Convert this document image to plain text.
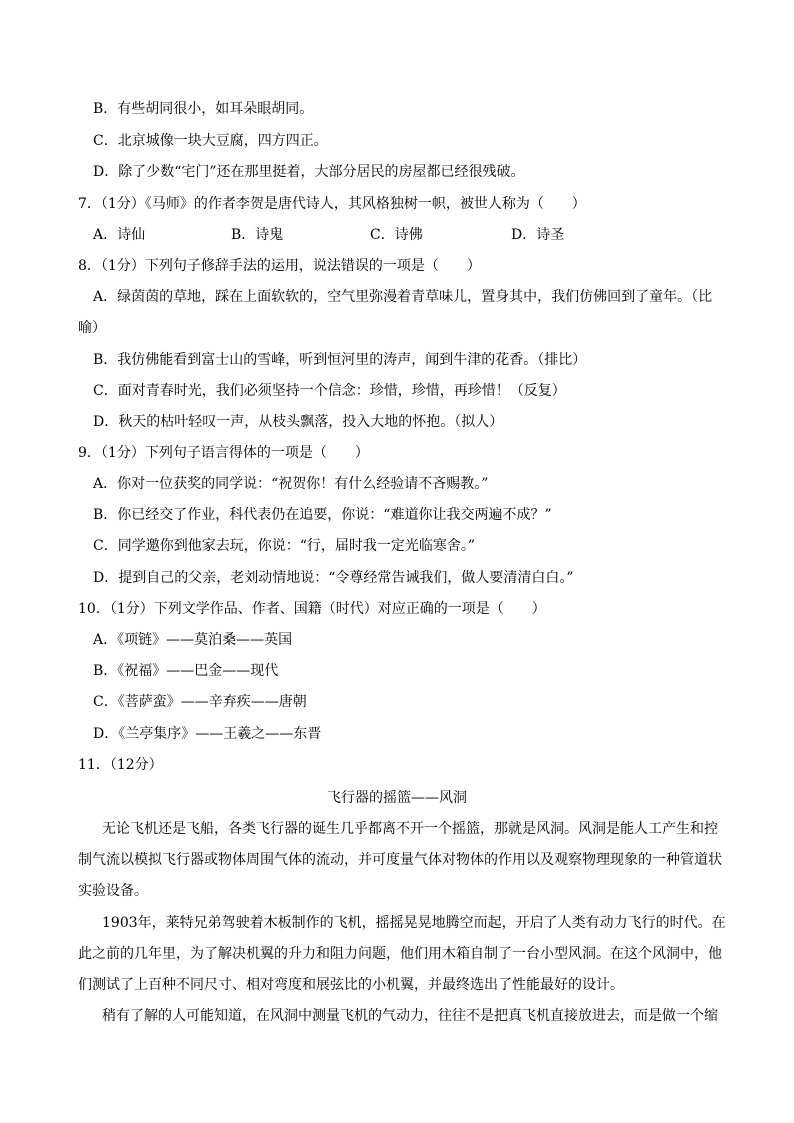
B．有些胡同很小，如耳朵眼胡同。
C．北京城像一块大豆腐，四方四正。
D．除了少数“宅门”还在那里挺着，大部分居民的房屋都已经很残破。
7．（1分）《马师》的作者李贺是唐代诗人，其风格独树一帜，被世人称为（　　）
A．诗仙	B．诗鬼	C．诗佛	D．诗圣
8．（1分）下列句子修辞手法的运用，说法错误的一项是（　　）
A．绿茵茵的草地，踩在上面软软的，空气里弥漫着青草味儿，置身其中，我们仿佛回到了童年。（比
喻）
B．我仿佛能看到富士山的雪峰，听到恒河里的涛声，闻到牛津的花香。（排比）
C．面对青春时光，我们必须坚持一个信念：珍惜，珍惜，再珍惜！（反复）
D．秋天的枯叶轻叹一声，从枝头飘落，投入大地的怀抱。（拟人）
9．（1分）下列句子语言得体的一项是（　　）
A．你对一位获奖的同学说：“祝贺你！有什么经验请不吝赐教。”
B．你已经交了作业，科代表仍在追要，你说：“难道你让我交两遍不成？”
C．同学邀你到他家去玩，你说：“行，届时我一定光临寒舍。”
D．提到自己的父亲，老刘动情地说：“令尊经常告诫我们，做人要清清白白。”
10．（1分）下列文学作品、作者、国籍（时代）对应正确的一项是（　　）
A．《项链》——莫泊桑——英国
B．《祝福》——巴金——现代
C．《菩萨蛮》——辛弃疾——唐朝
D．《兰亭集序》——王羲之——东晋
11．（12分）
飞行器的摇篮——风洞
无论飞机还是飞船，各类飞行器的诞生几乎都离不开一个摇篮，那就是风洞。风洞是能人工产生和控
制气流以模拟飞行器或物体周围气体的流动，并可度量气体对物体的作用以及观察物理现象的一种管道状
实验设备。
1903年，莱特兄弟驾驶着木板制作的飞机，摇摇晃晃地腾空而起，开启了人类有动力飞行的时代。在
此之前的几年里，为了解决机翼的升力和阻力问题，他们用木箱自制了一台小型风洞。在这个风洞中，他
们测试了上百种不同尺寸、相对弯度和展弦比的小机翼，并最终选出了性能最好的设计。
稍有了解的人可能知道，在风洞中测量飞机的气动力，往往不是把真飞机直接放进去，而是做一个缩
